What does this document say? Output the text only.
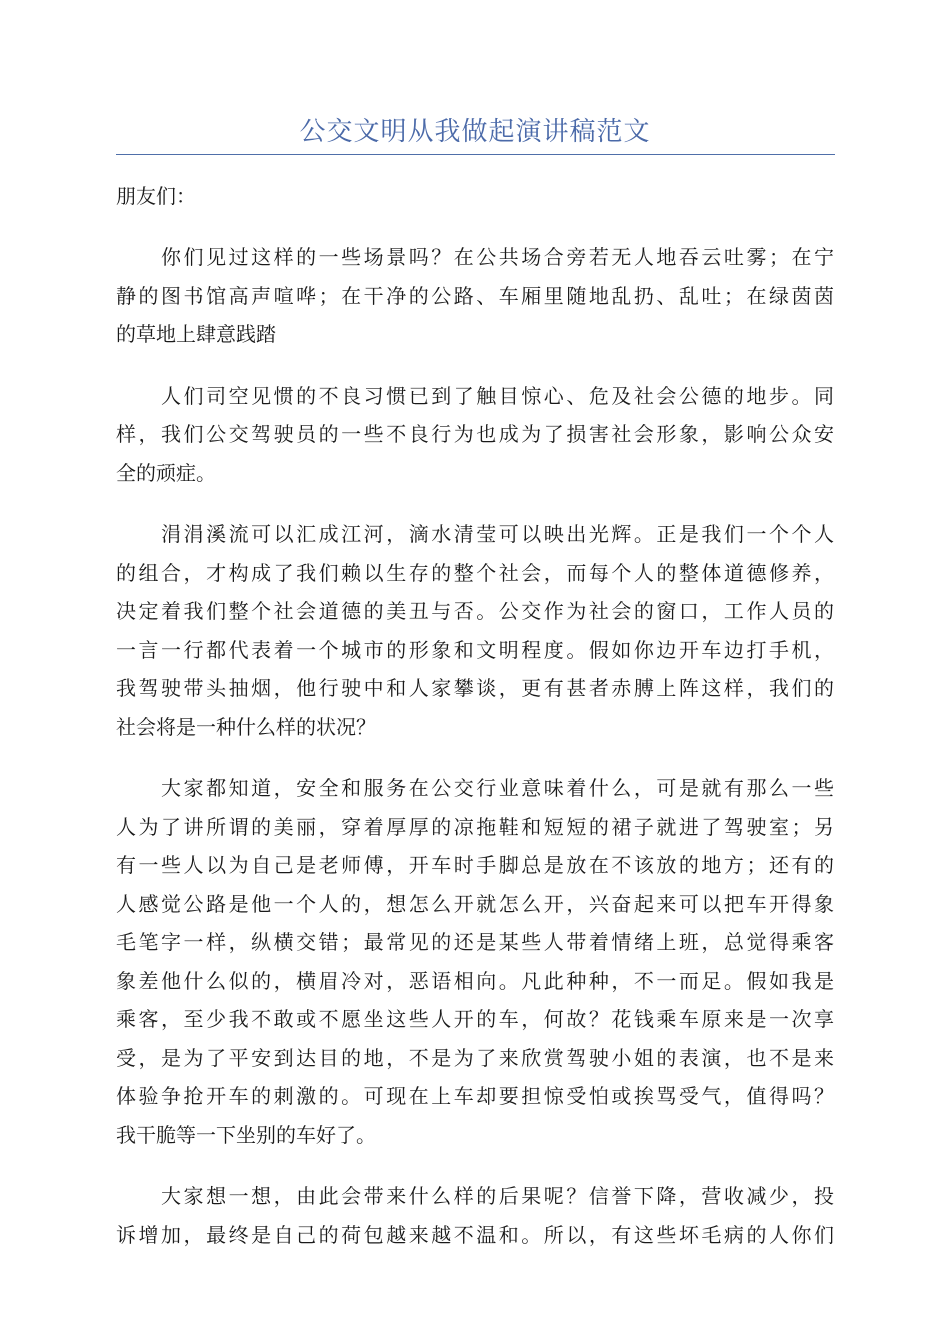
公交文明从我做起演讲稿范文

朋友们：

　　你们见过这样的一些场景吗？在公共场合旁若无人地吞云吐雾；在宁
静的图书馆高声喧哗；在干净的公路、车厢里随地乱扔、乱吐；在绿茵茵
的草地上肆意践踏

　　人们司空见惯的不良习惯已到了触目惊心、危及社会公德的地步。同
样，我们公交驾驶员的一些不良行为也成为了损害社会形象，影响公众安
全的顽症。

　　涓涓溪流可以汇成江河，滴水清莹可以映出光辉。正是我们一个个人
的组合，才构成了我们赖以生存的整个社会，而每个人的整体道德修养，
决定着我们整个社会道德的美丑与否。公交作为社会的窗口，工作人员的
一言一行都代表着一个城市的形象和文明程度。假如你边开车边打手机，
我驾驶带头抽烟，他行驶中和人家攀谈，更有甚者赤膊上阵这样，我们的
社会将是一种什么样的状况？

　　大家都知道，安全和服务在公交行业意味着什么，可是就有那么一些
人为了讲所谓的美丽，穿着厚厚的凉拖鞋和短短的裙子就进了驾驶室；另
有一些人以为自己是老师傅，开车时手脚总是放在不该放的地方；还有的
人感觉公路是他一个人的，想怎么开就怎么开，兴奋起来可以把车开得象
毛笔字一样，纵横交错；最常见的还是某些人带着情绪上班，总觉得乘客
象差他什么似的，横眉冷对，恶语相向。凡此种种，不一而足。假如我是
乘客，至少我不敢或不愿坐这些人开的车，何故？花钱乘车原来是一次享
受，是为了平安到达目的地，不是为了来欣赏驾驶小姐的表演，也不是来
体验争抢开车的刺激的。可现在上车却要担惊受怕或挨骂受气，值得吗？
我干脆等一下坐别的车好了。

　　大家想一想，由此会带来什么样的后果呢？信誉下降，营收减少，投
诉增加，最终是自己的荷包越来越不温和。所以，有这些坏毛病的人你们
